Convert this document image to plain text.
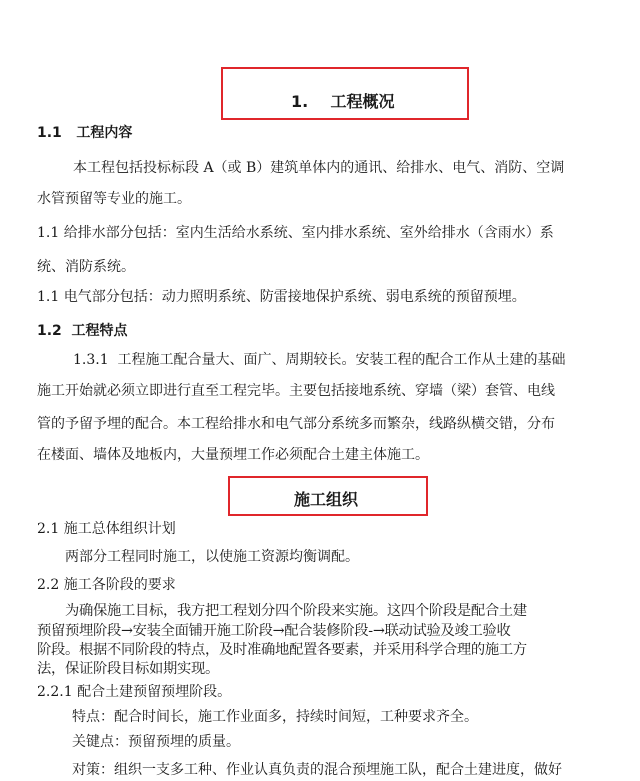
1.    工程概况
1.1   工程内容
本工程包括投标标段 A（或 B）建筑单体内的通讯、给排水、电气、消防、空调
水管预留等专业的施工。
1.1 给排水部分包括：室内生活给水系统、室内排水系统、室外给排水（含雨水）系
统、消防系统。
1.1 电气部分包括：动力照明系统、防雷接地保护系统、弱电系统的预留预埋。
1.2  工程特点
1.3.1  工程施工配合量大、面广、周期较长。安装工程的配合工作从土建的基础
施工开始就必须立即进行直至工程完毕。主要包括接地系统、穿墙（梁）套管、电线
管的予留予埋的配合。本工程给排水和电气部分系统多而繁杂，线路纵横交错，分布
在楼面、墙体及地板内，大量预埋工作必须配合土建主体施工。
施工组织
2.1 施工总体组织计划
两部分工程同时施工，以使施工资源均衡调配。
2.2 施工各阶段的要求
为确保施工目标，我方把工程划分四个阶段来实施。这四个阶段是配合土建
预留预埋阶段→安装全面铺开施工阶段→配合装修阶段-→联动试验及竣工验收
阶段。根据不同阶段的特点，及时准确地配置各要素，并采用科学合理的施工方
法，保证阶段目标如期实现。
2.2.1 配合土建预留预埋阶段。
特点：配合时间长，施工作业面多，持续时间短，工种要求齐全。
关键点：预留预埋的质量。
对策：组织一支多工种、作业认真负责的混合预埋施工队，配合土建进度，做好
